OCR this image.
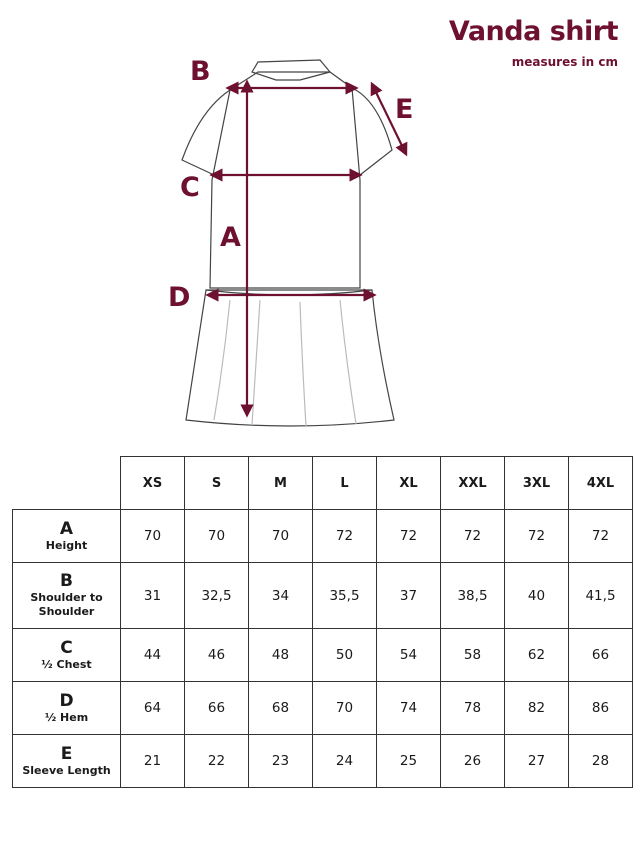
Vanda shirt
measures in cm
B
E
C
A
D
	XS	S	M	L	XL	XXL	3XL	4XL

A
Height	70	70	70	72	72	72	72	72

B
Shoulder to Shoulder	31	32,5	34	35,5	37	38,5	40	41,5

C
½ Chest	44	46	48	50	54	58	62	66

D
½ Hem	64	66	68	70	74	78	82	86

E
Sleeve Length	21	22	23	24	25	26	27	28
